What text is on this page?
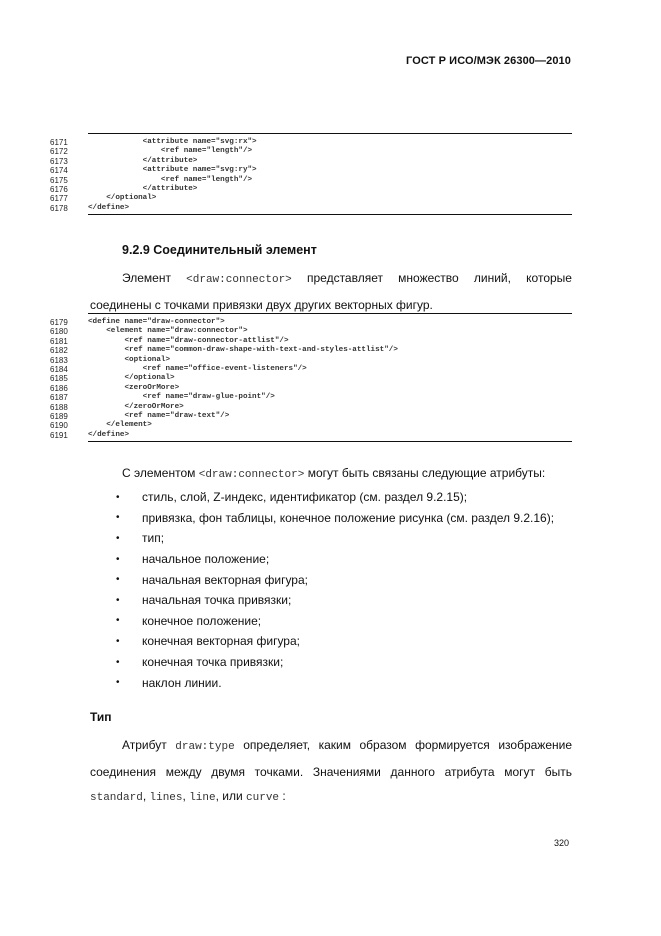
ГОСТ Р ИСО/МЭК 26300—2010
6171	<attribute name="svg:rx">
6172	<ref name="length"/>
6173	</attribute>
6174	<attribute name="svg:ry">
6175	<ref name="length"/>
6176	</attribute>
6177	</optional>
6178	</define>
9.2.9 Соединительный элемент
Элемент <draw:connector> представляет множество линий, которые соединены с точками привязки двух других векторных фигур.
6179	<define name="draw-connector">
6180	<element name="draw:connector">
6181	<ref name="draw-connector-attlist"/>
6182	<ref name="common-draw-shape-with-text-and-styles-attlist"/>
6183	<optional>
6184	<ref name="office-event-listeners"/>
6185	</optional>
6186	<zeroOrMore>
6187	<ref name="draw-glue-point"/>
6188	</zeroOrMore>
6189	<ref name="draw-text"/>
6190	</element>
6191	</define>
С элементом <draw:connector> могут быть связаны следующие атрибуты:
•	стиль, слой, Z-индекс, идентификатор (см. раздел 9.2.15);
•	привязка, фон таблицы, конечное положение рисунка (см. раздел 9.2.16);
•	тип;
•	начальное положение;
•	начальная векторная фигура;
•	начальная точка привязки;
•	конечное положение;
•	конечная векторная фигура;
•	конечная точка привязки;
•	наклон линии.
Тип
Атрибут draw:type определяет, каким образом формируется изображение соединения между двумя точками. Значениями данного атрибута могут быть standard, lines, line, или curve :
320
